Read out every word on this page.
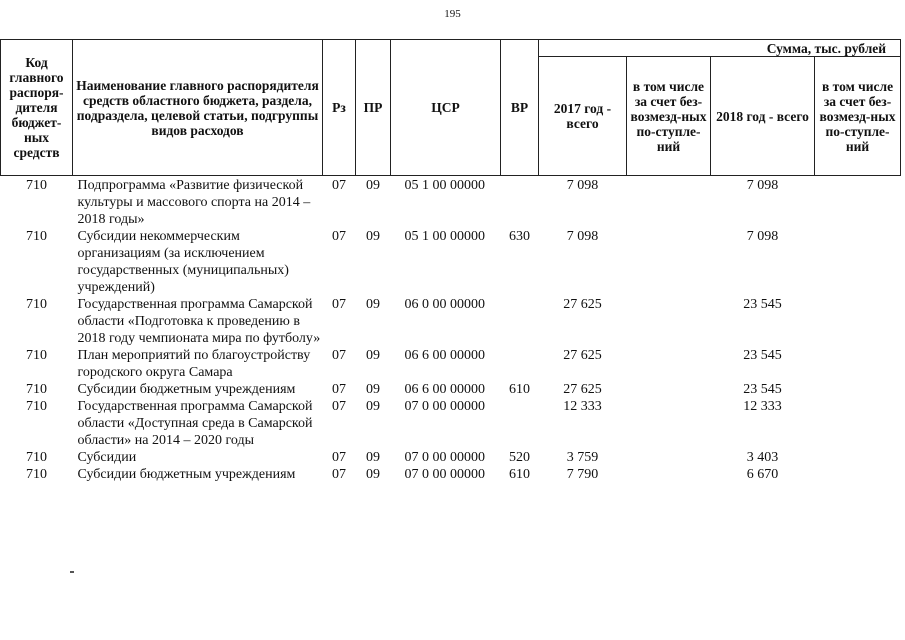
195
Код главного распоря-дителя бюджет-ных средств	Наименование главного распорядителя средств областного бюджета, раздела, подраздела, целевой статьи, подгруппы видов расходов	Рз	ПР	ЦСР	ВР	Сумма, тыс. рублей			
						2017 год - всего	в том числе за счет без-возмезд-ных по-ступле-ний	2018 год - всего	в том числе за счет без-возмезд-ных по-ступле-ний
710	Подпрограмма «Развитие физической культуры и массового спорта на 2014 – 2018 годы»	07	09	05 1 00 00000		7 098		7 098	
710	Субсидии некоммерческим организациям (за исключением государственных (муниципальных) учреждений)	07	09	05 1 00 00000	630	7 098		7 098	
710	Государственная программа Самарской области «Подготовка к проведению в 2018 году чемпионата мира по футболу»	07	09	06 0 00 00000		27 625		23 545	
710	План мероприятий по благоустройству городского округа Самара	07	09	06 6 00 00000		27 625		23 545	
710	Субсидии бюджетным учреждениям	07	09	06 6 00 00000	610	27 625		23 545	
710	Государственная программа Самарской области «Доступная среда в Самарской области» на 2014 – 2020 годы	07	09	07 0 00 00000		12 333		12 333	
710	Субсидии	07	09	07 0 00 00000	520	3 759		3 403	
710	Субсидии бюджетным учреждениям	07	09	07 0 00 00000	610	7 790		6 670	
